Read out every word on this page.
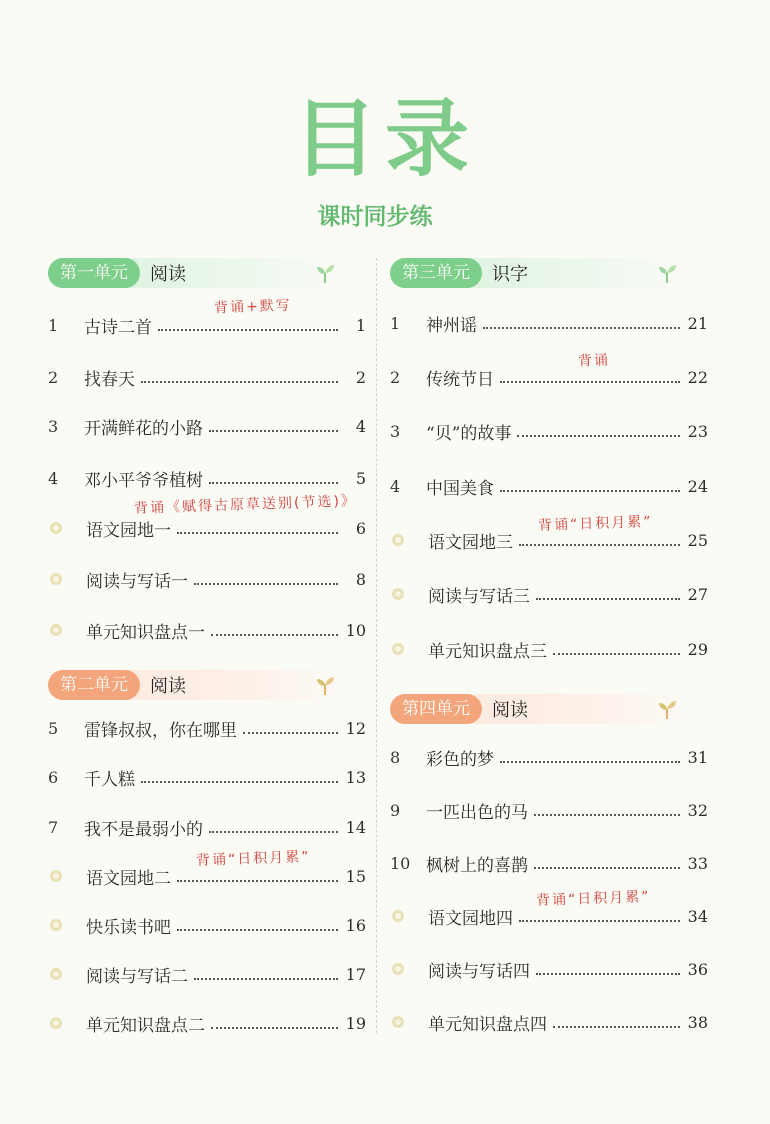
目录
课时同步练
第一单元	阅读
1	古诗二首	1
2	找春天	2
3	开满鲜花的小路	4
4	邓小平爷爷植树	5
语文园地一	6
阅读与写话一	8
单元知识盘点一	10
第二单元	阅读
5	雷锋叔叔，你在哪里	12
6	千人糕	13
7	我不是最弱小的	14
语文园地二	15
快乐读书吧	16
阅读与写话二	17
单元知识盘点二	19
第三单元	识字
1	神州谣	21
2	传统节日	22
3	“贝”的故事	23
4	中国美食	24
语文园地三	25
阅读与写话三	27
单元知识盘点三	29
第四单元	阅读
8	彩色的梦	31
9	一匹出色的马	32
10 枫树上的喜鹊	33
语文园地四	34
阅读与写话四	36
单元知识盘点四	38
背诵+默写
背诵《赋得古原草送别(节选)》
背诵“日积月累”
背诵
背诵“日积月累”
背诵“日积月累”
